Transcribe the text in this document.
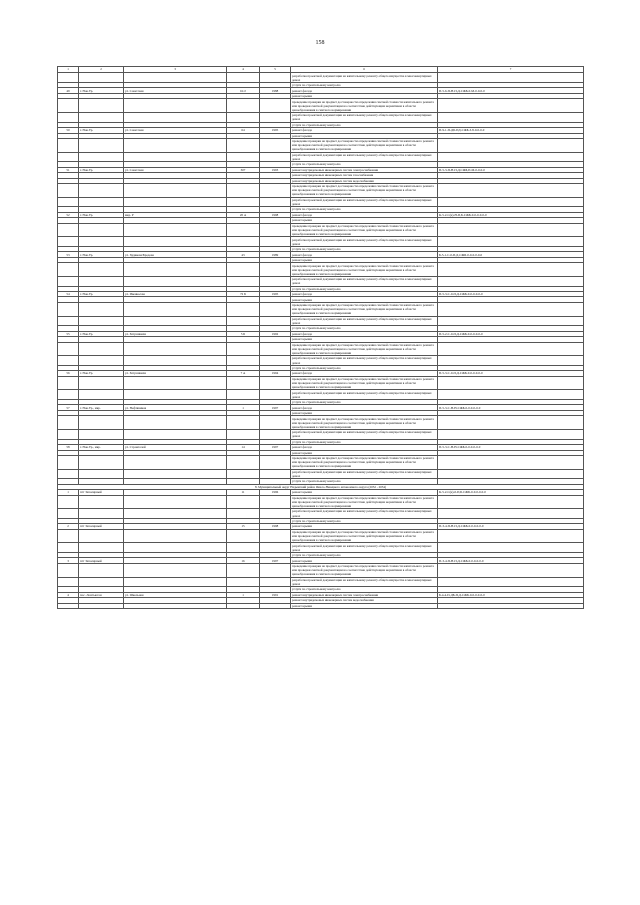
158
1	2	3	4	5	6	7
					разработка проектной документации на капитальному ремонту общего имущества в многоквартирных домах	
					услуги по строительному контролю	
49	г. Нов.Ур.	ул. Советская	61/2	1988	ремонт фасада	П-5-6-П-Н-П,Д-СЖБ-0-М-0-0-0-0
					ремонт крыши	
					проведение проверки на предмет достоверности определения сметной стоимости капитального ремонта или проверки сметной документации на соответствие действующим нормативам в области ценообразования в сметного нормирования	
					разработка проектной документации на капитальному ремонту общего имущества в многоквартирных домах	
					услуги по строительному контролю	
50	г. Нов.Ур.	ул. Советская	64	1995	ремонт фасада	П-9-1-П-ДБ-ПД-СЖБ-3-8-0-0-0-0
					ремонт крыши	
					проведение проверки на предмет достоверности определения сметной стоимости капитального ремонта или проверки сметной документации на соответствие действующим нормативам в области ценообразования в сметного нормирования	
					разработка проектной документации на капитальному ремонту общего имущества в многоквартирных домах	
					услуги по строительному контролю	
51	г. Нов.Ур.	ул. Советская	307	1993	ремонт внутридомовых инженерных систем электроснабжения	П-5-3-П-Н-П,Д,СЖБ,П-М-0-0-0-0
					ремонт внутридомовых инженерных систем газоснабжения	
					ремонт внутридомовых инженерных систем водоснабжения	
					проведение проверки на предмет достоверности определения сметной стоимости капитального ремонта или проверки сметной документации на соответствие действующим нормативам в области ценообразования в сметного нормирования	
					разработка проектной документации на капитальному ремонту общего имущества в многоквартирных домах	
					услуги по строительному контролю	
52	г. Нов.Ур.	мкр. Р	20 А	1998	ремонт фасада	К-5-2-С(н)-Н-П,Б-СЖБ-0-0-0-0-0-0
					ремонт крыши	
					проведение проверки на предмет достоверности определения сметной стоимости капитального ремонта или проверки сметной документации на соответствие действующим нормативам в области ценообразования в сметного нормирования	
					разработка проектной документации на капитальному ремонту общего имущества в многоквартирных домах	
					услуги по строительному контролю	
53	г. Нов.Ур.	ул. Худякова/Бродова	43	1989	ремонт фасада	Б-5-1-С-0-П,Д-СЖБ-0-0-0-0-0-0
					ремонт крыши	
					проведение проверки на предмет достоверности определения сметной стоимости капитального ремонта или проверки сметной документации на соответствие действующим нормативам в области ценообразования в сметного нормирования	
					разработка проектной документации на капитальному ремонту общего имущества в многоквартирных домах	
					услуги по строительному контролю	
54	г. Нов.Ур.	ул. Ивенко/ова	72 Б	1995	ремонт фасада	П-5-3-С-0-П,Д-СЖБ-0-0-0-0-0-0
					ремонт крыши	
					проведение проверки на предмет достоверности определения сметной стоимости капитального ремонта или проверки сметной документации на соответствие действующим нормативам в области ценообразования в сметного нормирования	
					разработка проектной документации на капитальному ремонту общего имущества в многоквартирных домах	
					услуги по строительному контролю	
55	г. Нов.Ур.	ул. Звтуашвили	5 Б	1992	ремонт фасада	П-5-2-С-0-П,Д-СЖБ-0-0-0-0-0-0
					ремонт крыши	
					проведение проверки на предмет достоверности определения сметной стоимости капитального ремонта или проверки сметной документации на соответствие действующим нормативам в области ценообразования в сметного нормирования	
					разработка проектной документации на капитальному ремонту общего имущества в многоквартирных домах	
					услуги по строительному контролю	
56	г. Нов.Ур.	ул. Звтуашвили	7 А	1994	ремонт фасада	П-5-3-С-0-П,Д-СЖБ-0-0-0-0-0-0
					проведение проверки на предмет достоверности определения сметной стоимости капитального ремонта или проверки сметной документации на соответствие действующим нормативам в области ценообразования в сметного нормирования	
					разработка проектной документации на капитальному ремонту общего имущества в многоквартирных домах	
					услуги по строительному контролю	
57	г. Нов.Ур., мкр.	ул. Нефтяников	1	1997	ремонт фасада	П-5-3-С-Н-Н-СЖБ-0-0-0-0-0-0
					ремонт крыши	
					проведение проверки на предмет достоверности определения сметной стоимости капитального ремонта или проверки сметной документации на соответствие действующим нормативам в области ценообразования в сметного нормирования	
					разработка проектной документации на капитальному ремонту общего имущества в многоквартирных домах	
					услуги по строительному контролю	
58	г. Нов.Ур., мкр.	ул. Строителей	14	1997	ремонт фасада	П-5-3-С-Н-Н-СЖБ-0-0-0-0-0-0
					ремонт крыши	
					проведение проверки на предмет достоверности определения сметной стоимости капитального ремонта или проверки сметной документации на соответствие действующим нормативам в области ценообразования в сметного нормирования	
					разработка проектной документации на капитальному ремонту общего имущества в многоквартирных домах	
					услуги по строительному контролю	
8. Муниципальный округ Надымский район Ямало-Ненецкого автономного округа (2032 - 2034)						
1	пгт Заполярный		11	1996	ремонт крыши	К-5-2-С(н)-0-П,Б-СЖБ-0-0-0-0-0-0
					проведение проверки на предмет достоверности определения сметной стоимости капитального ремонта или проверки сметной документации на соответствие действующим нормативам в области ценообразования в сметного нормирования	
					разработка проектной документации на капитальному ремонту общего имущества в многоквартирных домах	
					услуги по строительному контролю	
2	пгт Заполярный		15	1998	ремонт крыши	П-3-4-П-Н-П,Д-СЖБ-0-0-0-0-0-0
					проведение проверки на предмет достоверности определения сметной стоимости капитального ремонта или проверки сметной документации на соответствие действующим нормативам в области ценообразования в сметного нормирования	
					разработка проектной документации на капитальному ремонту общего имущества в многоквартирных домах	
					услуги по строительному контролю	
3	пгт Заполярный		16	1997	ремонт крыши	П-3-4-П-Н-П,Д-СЖБ-0-0-0-0-0-0
					проведение проверки на предмет достоверности определения сметной стоимости капитального ремонта или проверки сметной документации на соответствие действующим нормативам в области ценообразования в сметного нормирования	
					разработка проектной документации на капитальному ремонту общего имущества в многоквартирных домах	
					услуги по строительному контролю	
4	пос. Лонгъюган	ул. Школьная	1	1991	ремонт внутридомовых инженерных систем электроснабжения	Б-4-4-П-ДБ-П,Д-СЖБ-0-0-0-0-0-0
					ремонт внутридомовых инженерных систем водоснабжения	
					ремонт крыши	
